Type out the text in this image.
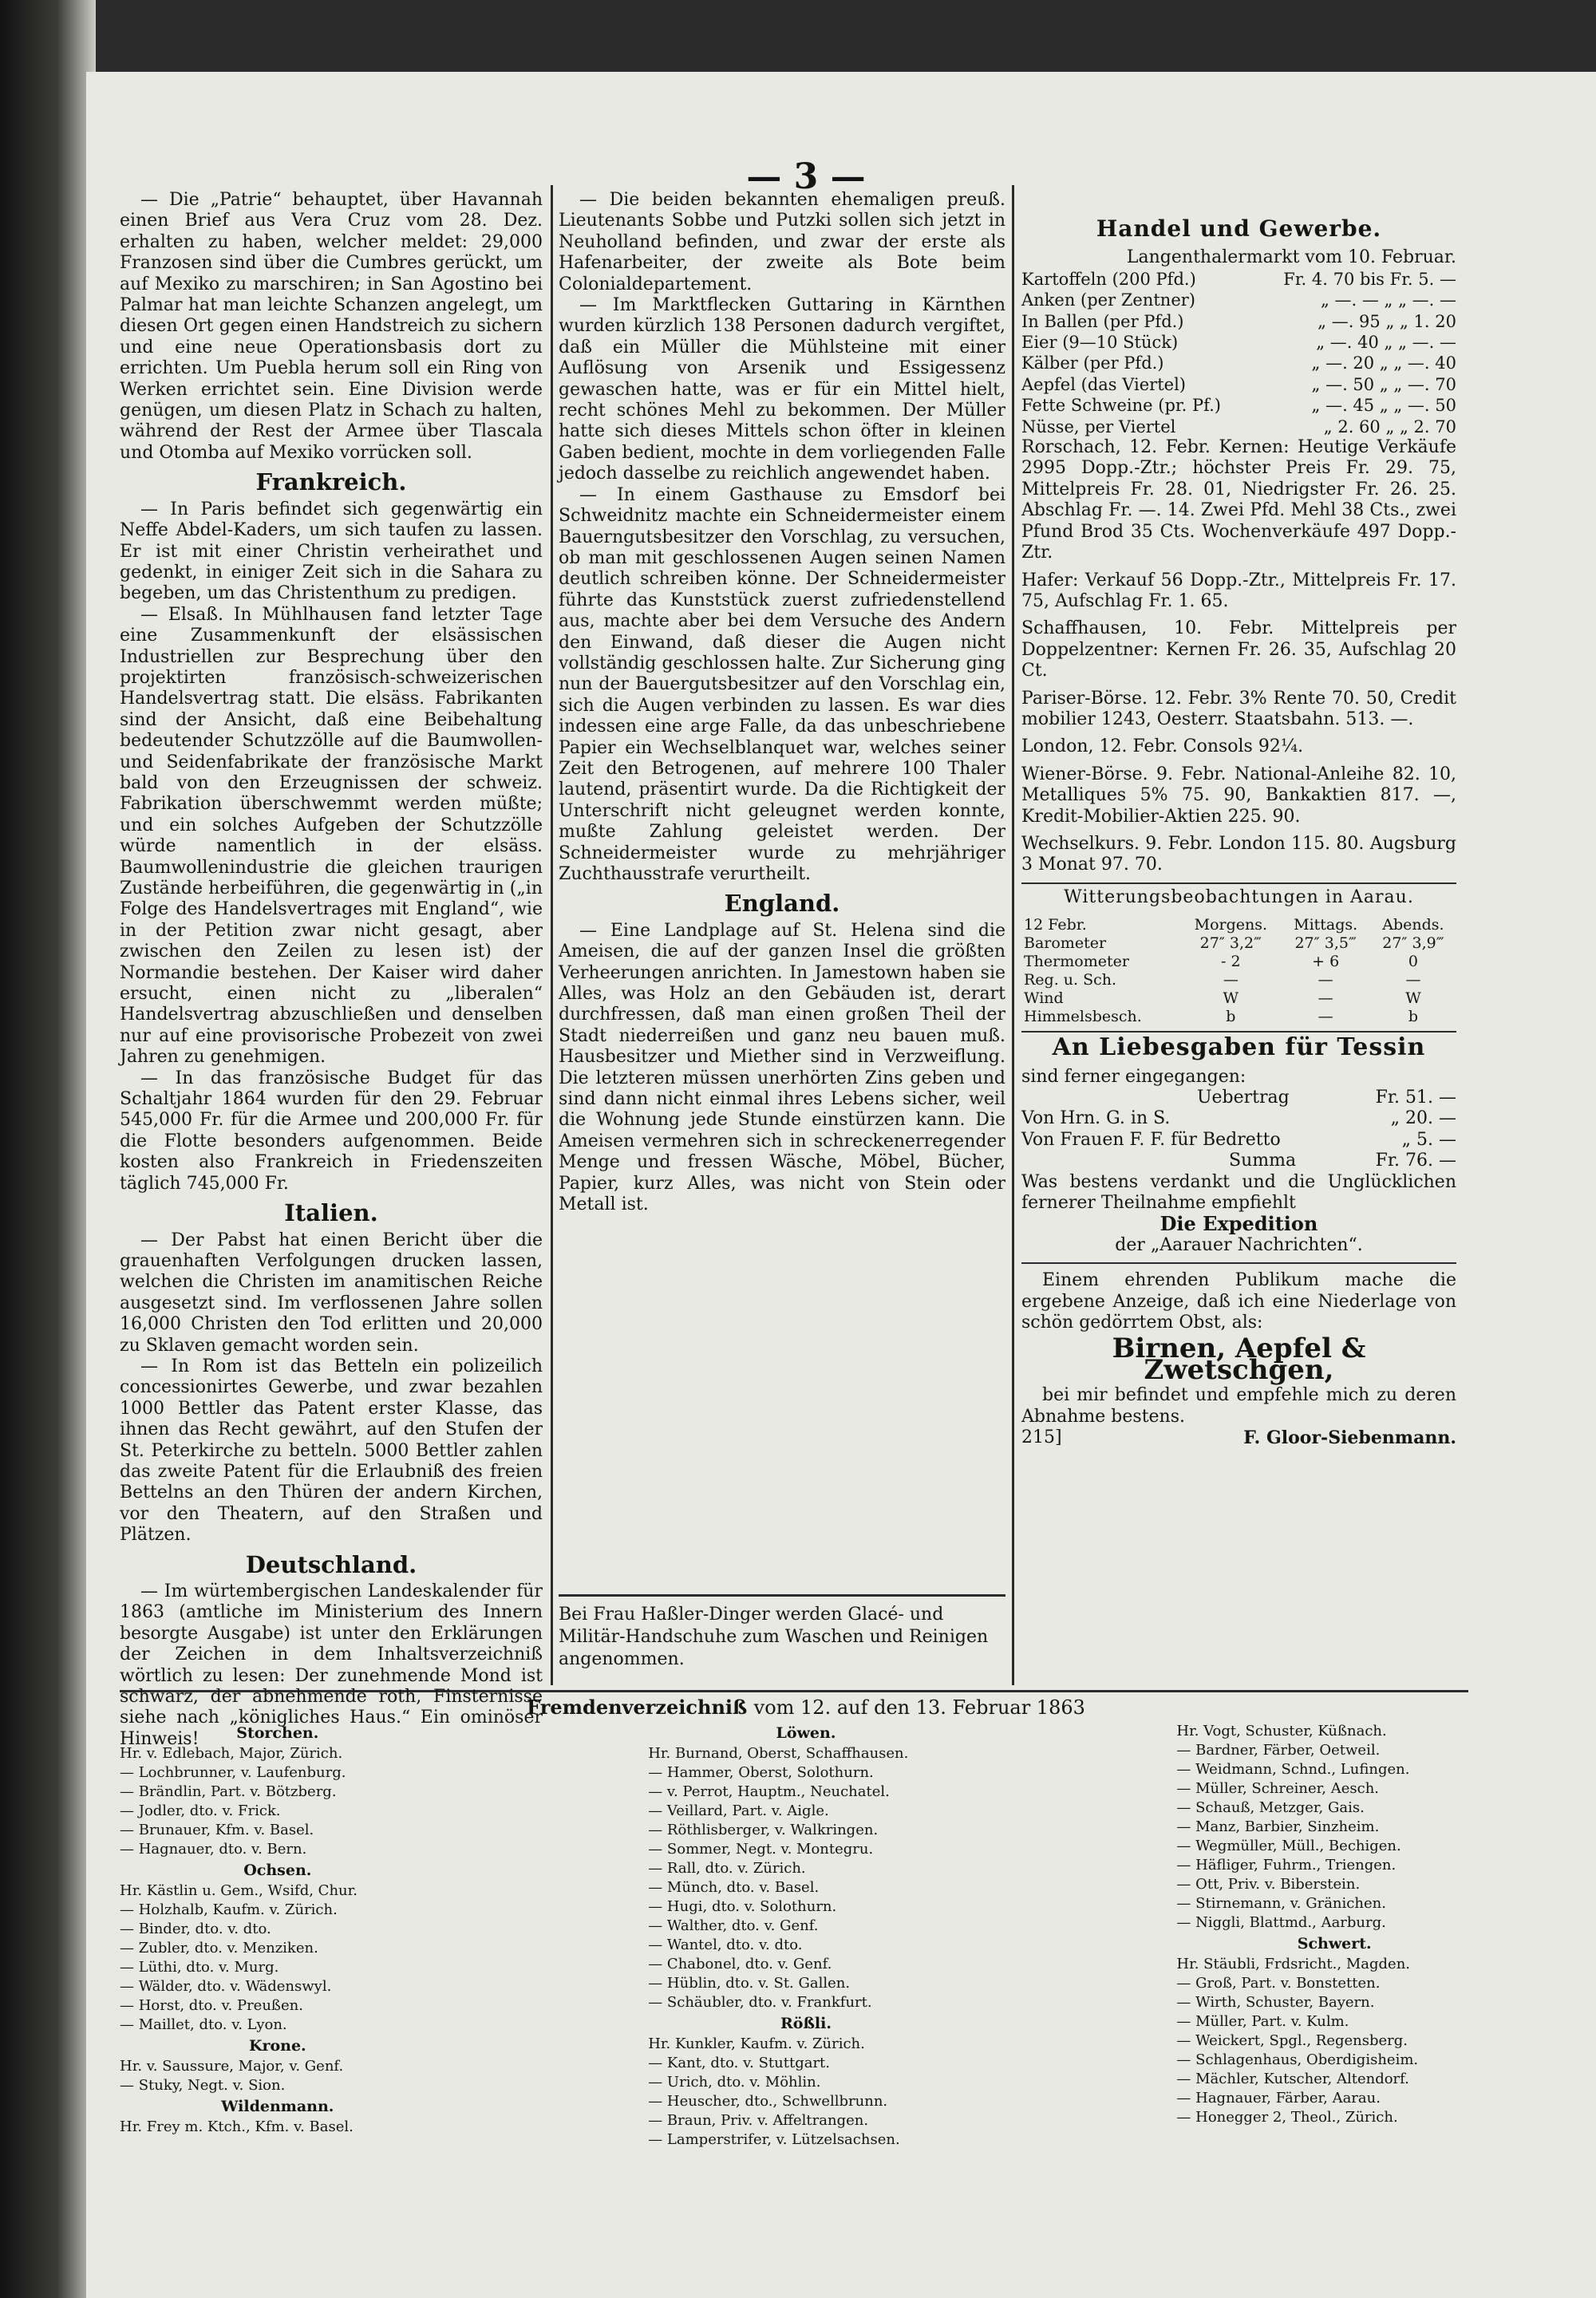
— 3 —

— Die „Patrie“ behauptet, über Havannah einen Brief aus Vera Cruz vom 28. Dez. erhalten zu haben, welcher meldet: 29,000 Franzosen sind über die Cumbres gerückt, um auf Mexiko zu marschiren; in San Agostino bei Palmar hat man leichte Schanzen angelegt, um diesen Ort gegen einen Handstreich zu sichern und eine neue Operationsbasis dort zu errichten. Um Puebla herum soll ein Ring von Werken errichtet sein. Eine Division werde genügen, um diesen Platz in Schach zu halten, während der Rest der Armee über Tlascala und Otomba auf Mexiko vorrücken soll.

Frankreich.

— In Paris befindet sich gegenwärtig ein Neffe Abdel-Kaders, um sich taufen zu lassen. Er ist mit einer Christin verheirathet und gedenkt, in einiger Zeit sich in die Sahara zu begeben, um das Christenthum zu predigen.

— Elsaß. In Mühlhausen fand letzter Tage eine Zusammenkunft der elsässischen Industriellen zur Besprechung über den projektirten französisch-schweizerischen Handelsvertrag statt. Die elsäss. Fabrikanten sind der Ansicht, daß eine Beibehaltung bedeutender Schutzzölle auf die Baumwollen- und Seidenfabrikate der französische Markt bald von den Erzeugnissen der schweiz. Fabrikation überschwemmt werden müßte; und ein solches Aufgeben der Schutzzölle würde namentlich in der elsäss. Baumwollenindustrie die gleichen traurigen Zustände herbeiführen, die gegenwärtig in („in Folge des Handelsvertrages mit England“, wie in der Petition zwar nicht gesagt, aber zwischen den Zeilen zu lesen ist) der Normandie bestehen. Der Kaiser wird daher ersucht, einen nicht zu „liberalen“ Handelsvertrag abzuschließen und denselben nur auf eine provisorische Probezeit von zwei Jahren zu genehmigen.

— In das französische Budget für das Schaltjahr 1864 wurden für den 29. Februar 545,000 Fr. für die Armee und 200,000 Fr. für die Flotte besonders aufgenommen. Beide kosten also Frankreich in Friedenszeiten täglich 745,000 Fr.

Italien.

— Der Pabst hat einen Bericht über die grauenhaften Verfolgungen drucken lassen, welchen die Christen im anamitischen Reiche ausgesetzt sind. Im verflossenen Jahre sollen 16,000 Christen den Tod erlitten und 20,000 zu Sklaven gemacht worden sein.

— In Rom ist das Betteln ein polizeilich concessionirtes Gewerbe, und zwar bezahlen 1000 Bettler das Patent erster Klasse, das ihnen das Recht gewährt, auf den Stufen der St. Peterkirche zu betteln. 5000 Bettler zahlen das zweite Patent für die Erlaubniß des freien Bettelns an den Thüren der andern Kirchen, vor den Theatern, auf den Straßen und Plätzen.

Deutschland.

— Im würtembergischen Landeskalender für 1863 (amtliche im Ministerium des Innern besorgte Ausgabe) ist unter den Erklärungen der Zeichen in dem Inhaltsverzeichniß wörtlich zu lesen: Der zunehmende Mond ist schwarz, der abnehmende roth, Finsternisse siehe nach „königliches Haus.“ Ein ominöser Hinweis!

— Die beiden bekannten ehemaligen preuß. Lieutenants Sobbe und Putzki sollen sich jetzt in Neuholland befinden, und zwar der erste als Hafenarbeiter, der zweite als Bote beim Colonialdepartement.

— Im Marktflecken Guttaring in Kärnthen wurden kürzlich 138 Personen dadurch vergiftet, daß ein Müller die Mühlsteine mit einer Auflösung von Arsenik und Essigessenz gewaschen hatte, was er für ein Mittel hielt, recht schönes Mehl zu bekommen. Der Müller hatte sich dieses Mittels schon öfter in kleinen Gaben bedient, mochte in dem vorliegenden Falle jedoch dasselbe zu reichlich angewendet haben.

— In einem Gasthause zu Emsdorf bei Schweidnitz machte ein Schneidermeister einem Bauerngutsbesitzer den Vorschlag, zu versuchen, ob man mit geschlossenen Augen seinen Namen deutlich schreiben könne. Der Schneidermeister führte das Kunststück zuerst zufriedenstellend aus, machte aber bei dem Versuche des Andern den Einwand, daß dieser die Augen nicht vollständig geschlossen halte. Zur Sicherung ging nun der Bauergutsbesitzer auf den Vorschlag ein, sich die Augen verbinden zu lassen. Es war dies indessen eine arge Falle, da das unbeschriebene Papier ein Wechselblanquet war, welches seiner Zeit den Betrogenen, auf mehrere 100 Thaler lautend, präsentirt wurde. Da die Richtigkeit der Unterschrift nicht geleugnet werden konnte, mußte Zahlung geleistet werden. Der Schneidermeister wurde zu mehrjähriger Zuchthausstrafe verurtheilt.

England.

— Eine Landplage auf St. Helena sind die Ameisen, die auf der ganzen Insel die größten Verheerungen anrichten. In Jamestown haben sie Alles, was Holz an den Gebäuden ist, derart durchfressen, daß man einen großen Theil der Stadt niederreißen und ganz neu bauen muß. Hausbesitzer und Miether sind in Verzweiflung. Die letzteren müssen unerhörten Zins geben und sind dann nicht einmal ihres Lebens sicher, weil die Wohnung jede Stunde einstürzen kann. Die Ameisen vermehren sich in schreckenerregender Menge und fressen Wäsche, Möbel, Bücher, Papier, kurz Alles, was nicht von Stein oder Metall ist.

Bei Frau Haßler-Dinger werden Glacé- und Militär-Handschuhe zum Waschen und Reinigen angenommen.
Handel und Gewerbe.
Langenthalermarkt vom 10. Februar.
Kartoffeln (200 Pfd.)	Fr. 4. 70 bis Fr. 5. —
Anken (per Zentner)	„ —. — „ „ —. —
In Ballen (per Pfd.)	„ —. 95 „ „ 1. 20
Eier (9—10 Stück)	„ —. 40 „ „ —. —
Kälber (per Pfd.)	„ —. 20 „ „ —. 40
Aepfel (das Viertel)	„ —. 50 „ „ —. 70
Fette Schweine (pr. Pf.)	„ —. 45 „ „ —. 50
Nüsse, per Viertel	„ 2. 60 „ „ 2. 70

Rorschach, 12. Febr. Kernen: Heutige Verkäufe 2995 Dopp.-Ztr.; höchster Preis Fr. 29. 75, Mittelpreis Fr. 28. 01, Niedrigster Fr. 26. 25. Abschlag Fr. —. 14. Zwei Pfd. Mehl 38 Cts., zwei Pfund Brod 35 Cts. Wochenverkäufe 497 Dopp.-Ztr.

Hafer: Verkauf 56 Dopp.-Ztr., Mittelpreis Fr. 17. 75, Aufschlag Fr. 1. 65.

Schaffhausen, 10. Febr. Mittelpreis per Doppelzentner: Kernen Fr. 26. 35, Aufschlag 20 Ct.

Pariser-Börse. 12. Febr. 3% Rente 70. 50, Credit mobilier 1243, Oesterr. Staatsbahn. 513. —.

London, 12. Febr. Consols 92¼.

Wiener-Börse. 9. Febr. National-Anleihe 82. 10, Metalliques 5% 75. 90, Bankaktien 817. —, Kredit-Mobilier-Aktien 225. 90.

Wechselkurs. 9. Febr. London 115. 80. Augsburg 3 Monat 97. 70.

Witterungsbeobachtungen in Aarau.
12 Febr.	Morgens.	Mittags.	Abends.
Barometer	27″ 3,2‴	27″ 3,5‴	27″ 3,9‴
Thermometer	- 2	+ 6	0
Reg. u. Sch.	—	—	—
Wind	W	—	W
Himmelsbesch.	b	—	b
An Liebesgaben für Tessin
sind ferner eingegangen:
Uebertrag	Fr. 51. —
Von Hrn. G. in S.	„ 20. —
Von Frauen F. F. für Bedretto	„ 5. —
Summa	Fr. 76. —

Was bestens verdankt und die Unglücklichen fernerer Theilnahme empfiehlt

Die Expedition
der „Aarauer Nachrichten“.

Einem ehrenden Publikum mache die ergebene Anzeige, daß ich eine Niederlage von schön gedörrtem Obst, als:

Birnen, Aepfel & Zwetschgen,

bei mir befindet und empfehle mich zu deren Abnahme bestens.

215]	F. Gloor-Siebenmann.
Fremdenverzeichniß vom 12. auf den 13. Februar 1863
Storchen.
Hr. v. Edlebach, Major, Zürich.
— Lochbrunner, v. Laufenburg.
— Brändlin, Part. v. Bötzberg.
— Jodler, dto. v. Frick.
— Brunauer, Kfm. v. Basel.
— Hagnauer, dto. v. Bern.
Ochsen.
Hr. Kästlin u. Gem., Wsifd, Chur.
— Holzhalb, Kaufm. v. Zürich.
— Binder, dto. v. dto.
— Zubler, dto. v. Menziken.
— Lüthi, dto. v. Murg.
— Wälder, dto. v. Wädenswyl.
— Horst, dto. v. Preußen.
— Maillet, dto. v. Lyon.
Krone.
Hr. v. Saussure, Major, v. Genf.
— Stuky, Negt. v. Sion.
Wildenmann.
Hr. Frey m. Ktch., Kfm. v. Basel.
Löwen.
Hr. Burnand, Oberst, Schaffhausen.
— Hammer, Oberst, Solothurn.
— v. Perrot, Hauptm., Neuchatel.
— Veillard, Part. v. Aigle.
— Röthlisberger, v. Walkringen.
— Sommer, Negt. v. Montegru.
— Rall, dto. v. Zürich.
— Münch, dto. v. Basel.
— Hugi, dto. v. Solothurn.
— Walther, dto. v. Genf.
— Wantel, dto. v. dto.
— Chabonel, dto. v. Genf.
— Hüblin, dto. v. St. Gallen.
— Schäubler, dto. v. Frankfurt.
Rößli.
Hr. Kunkler, Kaufm. v. Zürich.
— Kant, dto. v. Stuttgart.
— Urich, dto. v. Möhlin.
— Heuscher, dto., Schwellbrunn.
— Braun, Priv. v. Affeltrangen.
— Lamperstrifer, v. Lützelsachsen.
Hr. Vogt, Schuster, Küßnach.
— Bardner, Färber, Oetweil.
— Weidmann, Schnd., Lufingen.
— Müller, Schreiner, Aesch.
— Schauß, Metzger, Gais.
— Manz, Barbier, Sinzheim.
— Wegmüller, Müll., Bechigen.
— Häfliger, Fuhrm., Triengen.
— Ott, Priv. v. Biberstein.
— Stirnemann, v. Gränichen.
— Niggli, Blattmd., Aarburg.
Schwert.
Hr. Stäubli, Frdsricht., Magden.
— Groß, Part. v. Bonstetten.
— Wirth, Schuster, Bayern.
— Müller, Part. v. Kulm.
— Weickert, Spgl., Regensberg.
— Schlagenhaus, Oberdigisheim.
— Mächler, Kutscher, Altendorf.
— Hagnauer, Färber, Aarau.
— Honegger 2, Theol., Zürich.
